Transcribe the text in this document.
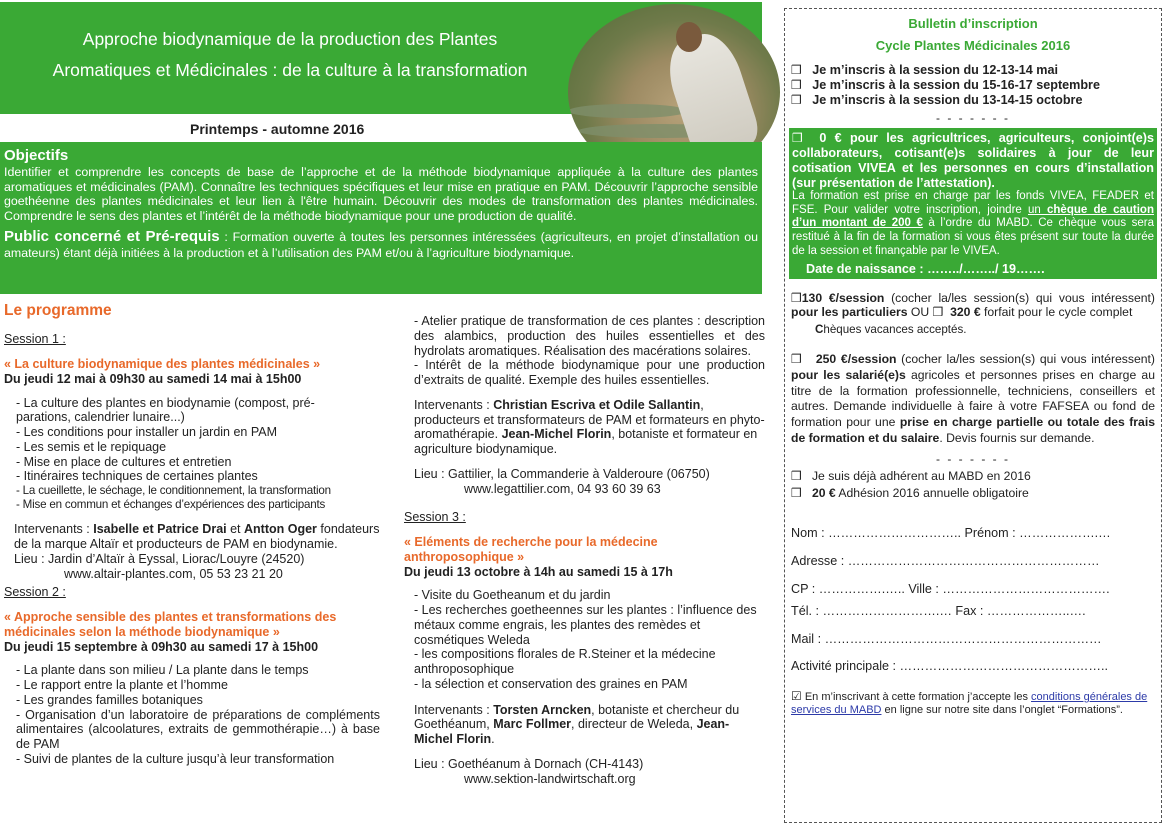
Approche biodynamique de la production des Plantes
Aromatiques et Médicinales : de la culture à la transformation
Printemps - automne 2016
Objectifs

Identifier et comprendre les concepts de base de l’approche et de la méthode biodynamique appliquée à la culture des plantes aromatiques et médicinales (PAM). Connaître les techniques spécifiques et leur mise en pratique en PAM. Découvrir l’approche sensible goethéenne des plantes médicinales et leur lien à l'être humain. Découvrir des modes de transformation des plantes médicinales. Comprendre le sens des plantes et l’intérêt de la méthode biodynamique pour une production de qualité.

Public concerné et Pré-requis : Formation ouverte à toutes les personnes intéressées (agriculteurs, en projet d’installation ou amateurs) étant déjà initiées à la production et à l’utilisation des PAM et/ou à l’agriculture biodynamique.

Le programme
Session 1 :
« La culture biodynamique des plantes médicinales »
Du jeudi 12 mai à 09h30 au samedi 14 mai à 15h00
- La culture des plantes en biodynamie (compost, pré-
parations, calendrier lunaire...)
- Les conditions pour installer un jardin en PAM
- Les semis et le repiquage
- Mise en place de cultures et entretien
- Itinéraires techniques de certaines plantes
- La cueillette, le séchage, le conditionnement, la transformation
- Mise en commun et échanges d’expériences des participants
Intervenants : Isabelle et Patrice Drai et Antton Oger fondateurs de la marque Altaïr et producteurs de PAM en biodynamie.
Lieu : Jardin d’Altaïr à Eyssal, Liorac/Louyre (24520)
www.altair-plantes.com, 05 53 23 21 20
Session 2 :
« Approche sensible des plantes et transformations des médicinales selon la méthode biodynamique »
Du jeudi 15 septembre à 09h30 au samedi 17 à 15h00
- La plante dans son milieu / La plante dans le temps
- Le rapport entre la plante et l’homme
- Les grandes familles botaniques
- Organisation d’un laboratoire de préparations de compléments alimentaires (alcoolatures, extraits de gemmothérapie…) à base de PAM
- Suivi de plantes de la culture jusqu’à leur transformation
- Atelier pratique de transformation de ces plantes : description des alambics, production des huiles essentielles et des hydrolats aromatiques. Réalisation des macérations solaires.
- Intérêt de la méthode biodynamique pour une production d’extraits de qualité. Exemple des huiles essentielles.
Intervenants : Christian Escriva et Odile Sallantin, producteurs et transformateurs de PAM et formateurs en phyto-aromathérapie. Jean-Michel Florin, botaniste et formateur en agriculture biodynamique.
Lieu : Gattilier, la Commanderie à Valderoure (06750)
www.legattilier.com, 04 93 60 39 63
Session 3 :
« Eléments de recherche pour la médecine anthroposophique »
Du jeudi 13 octobre à 14h au samedi 15 à 17h
- Visite du Goetheanum et du jardin
- Les recherches goetheennes sur les plantes : l’influence des métaux comme engrais, les plantes des remèdes et cosmétiques Weleda
- les compositions florales de R.Steiner et la médecine anthroposophique
- la sélection et conservation des graines en PAM
Intervenants : Torsten Arncken, botaniste et chercheur du Goethéanum, Marc Follmer, directeur de Weleda, Jean-Michel Florin.
Lieu : Goethéanum à Dornach (CH-4143)
www.sektion-landwirtschaft.org
Bulletin d’inscription
Cycle Plantes Médicinales 2016
❒ Je m’inscris à la session du 12-13-14 mai
❒ Je m’inscris à la session du 15-16-17 septembre
❒ Je m’inscris à la session du 13-14-15 octobre
- - - - - - -
❒ 0 € pour les agricultrices, agriculteurs, conjoint(e)s collaborateurs, cotisant(e)s solidaires à jour de leur cotisation VIVEA et les personnes en cours d’installation (sur présentation de l’attestation).
La formation est prise en charge par les fonds VIVEA, FEADER et FSE. Pour valider votre inscription, joindre un chèque de caution d’un montant de 200 € à l’ordre du MABD. Ce chèque vous sera restitué à la fin de la formation si vous êtes présent sur toute la durée de la session et finançable par le VIVEA.
Date de naissance : ……../……../ 19…….
❒130 €/session (cocher la/les session(s) qui vous intéressent) pour les particuliers OU ❒ 320 € forfait pour le cycle complet
Chèques vacances acceptés.
❒ 250 €/session (cocher la/les session(s) qui vous intéressent) pour les salarié(e)s agricoles et personnes prises en charge au titre de la formation professionnelle, techniciens, conseillers et autres. Demande individuelle à faire à votre FAFSEA ou fond de formation pour une prise en charge partielle ou totale des frais de formation et du salaire. Devis fournis sur demande.
- - - - - - -
❒ Je suis déjà adhérent au MABD en 2016
❒ 20 € Adhésion 2016 annuelle obligatoire
Nom : ………………………….. Prénom : ……………….…
Adresse : ……………………………………………………
CP : …………….….. Ville : ………………………………….
Tél. : ……………………….… Fax : ………………..….
Mail : …………………………………………………………
Activité principale : …………………………………………..
☑ En m’inscrivant à cette formation j’accepte les conditions générales de services du MABD en ligne sur notre site dans l’onglet “Formations”.
